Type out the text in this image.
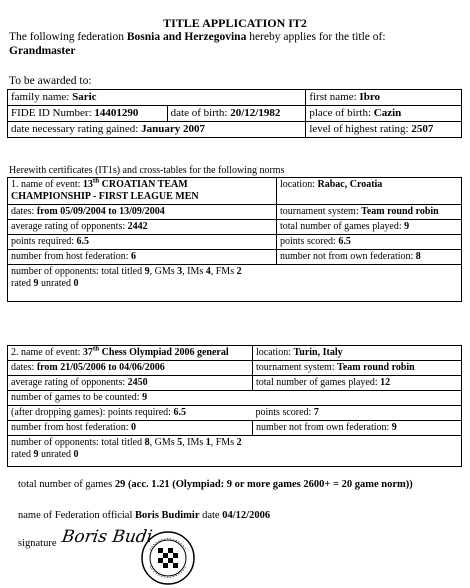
TITLE APPLICATION IT2
The following federation Bosnia and Herzegovina hereby applies for the title of:
Grandmaster
To be awarded to:
family name: Saric		first name: Ibro
FIDE ID Number: 14401290	date of birth: 20/12/1982	place of birth: Cazin
date necessary rating gained: January 2007		level of highest rating: 2507
Herewith certificates (IT1s) and cross-tables for the following norms
1. name of event: 13th CROATIAN TEAM
CHAMPIONSHIP - FIRST LEAGUE MEN	location: Rabac, Croatia
dates: from 05/09/2004 to 13/09/2004	tournament system: Team round robin
average rating of opponents: 2442	total number of games played: 9
points required: 6.5	points scored: 6.5
number from host federation: 6	number not from own federation: 8
number of opponents: total titled 9, GMs 3, IMs 4, FMs 2
rated 9 unrated 0	
2. name of event: 37th Chess Olympiad 2006 general	location: Turin, Italy
dates: from 21/05/2006 to 04/06/2006	tournament system: Team round robin
average rating of opponents: 2450	total number of games played: 12
number of games to be counted: 9	
(after dropping games): points required: 6.5	points scored: 7
number from host federation: 0	number not from own federation: 9
number of opponents: total titled 8, GMs 5, IMs 1, FMs 2
rated 9 unrated 0	
total number of games 29 (acc. 1.21 (Olympiad: 9 or more games 2600+ = 20 game norm))
name of Federation official Boris Budimir date 04/12/2006
signature Boris Budi
